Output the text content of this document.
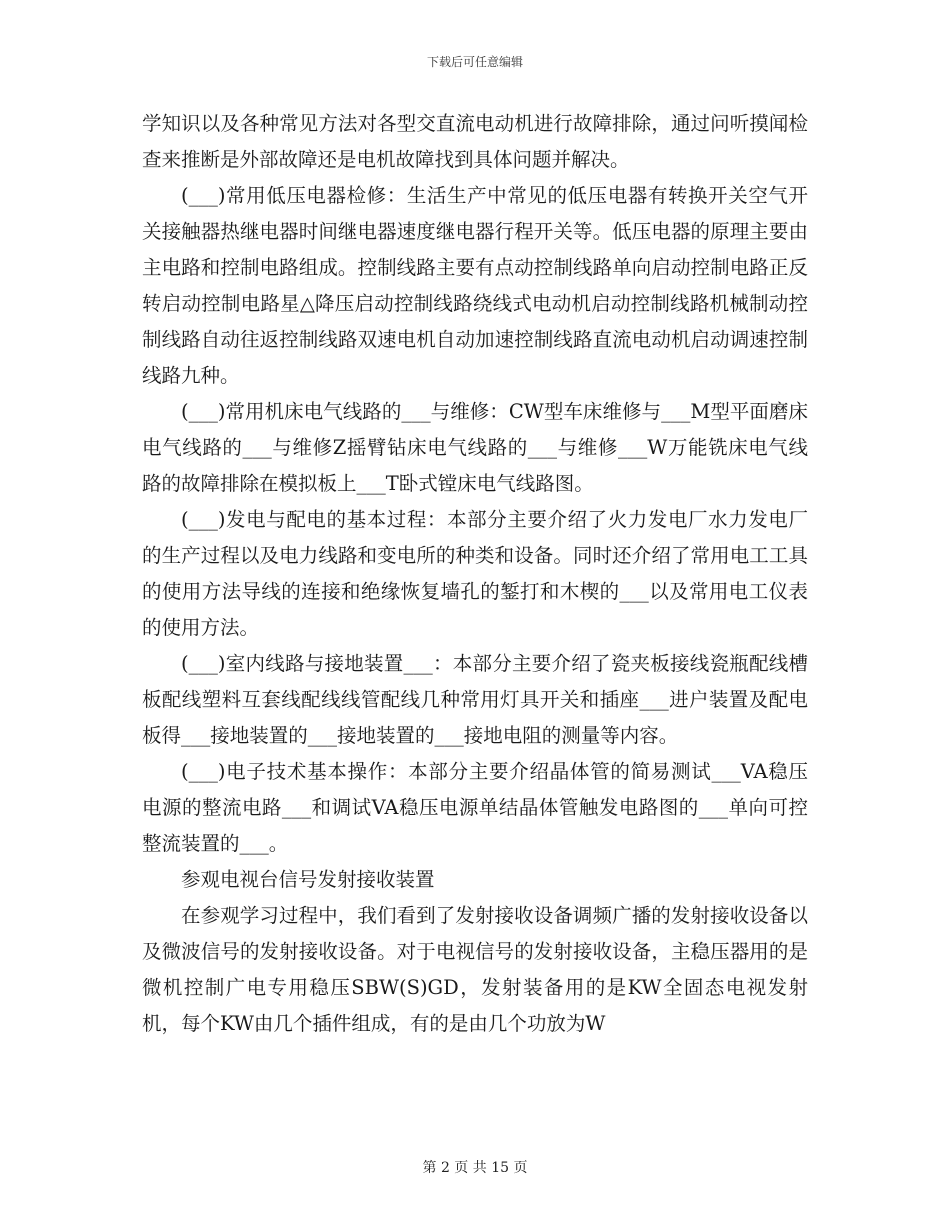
下载后可任意编辑

学知识以及各种常见方法对各型交直流电动机进行故障排除，通过问听摸闻检查来推断是外部故障还是电机故障找到具体问题并解决。

(___)常用低压电器检修：生活生产中常见的低压电器有转换开关空气开关接触器热继电器时间继电器速度继电器行程开关等。低压电器的原理主要由主电路和控制电路组成。控制线路主要有点动控制线路单向启动控制电路正反转启动控制电路星△降压启动控制线路绕线式电动机启动控制线路机械制动控制线路自动往返控制线路双速电机自动加速控制线路直流电动机启动调速控制线路九种。

(___)常用机床电气线路的___与维修：CW型车床维修与___M型平面磨床电气线路的___与维修Z摇臂钻床电气线路的___与维修___W万能铣床电气线路的故障排除在模拟板上___T卧式镗床电气线路图。

(___)发电与配电的基本过程：本部分主要介绍了火力发电厂水力发电厂的生产过程以及电力线路和变电所的种类和设备。同时还介绍了常用电工工具的使用方法导线的连接和绝缘恢复墙孔的錾打和木楔的___以及常用电工仪表的使用方法。

(___)室内线路与接地装置___：本部分主要介绍了瓷夹板接线瓷瓶配线槽板配线塑料互套线配线线管配线几种常用灯具开关和插座___进户装置及配电板得___接地装置的___接地装置的___接地电阻的测量等内容。

(___)电子技术基本操作：本部分主要介绍晶体管的简易测试___VA稳压电源的整流电路___和调试VA稳压电源单结晶体管触发电路图的___单向可控整流装置的___。

参观电视台信号发射接收装置

在参观学习过程中，我们看到了发射接收设备调频广播的发射接收设备以及微波信号的发射接收设备。对于电视信号的发射接收设备，主稳压器用的是微机控制广电专用稳压SBW(S)GD，发射装备用的是KW全固态电视发射机，每个KW由几个插件组成，有的是由几个功放为W

第 2 页 共 15 页
